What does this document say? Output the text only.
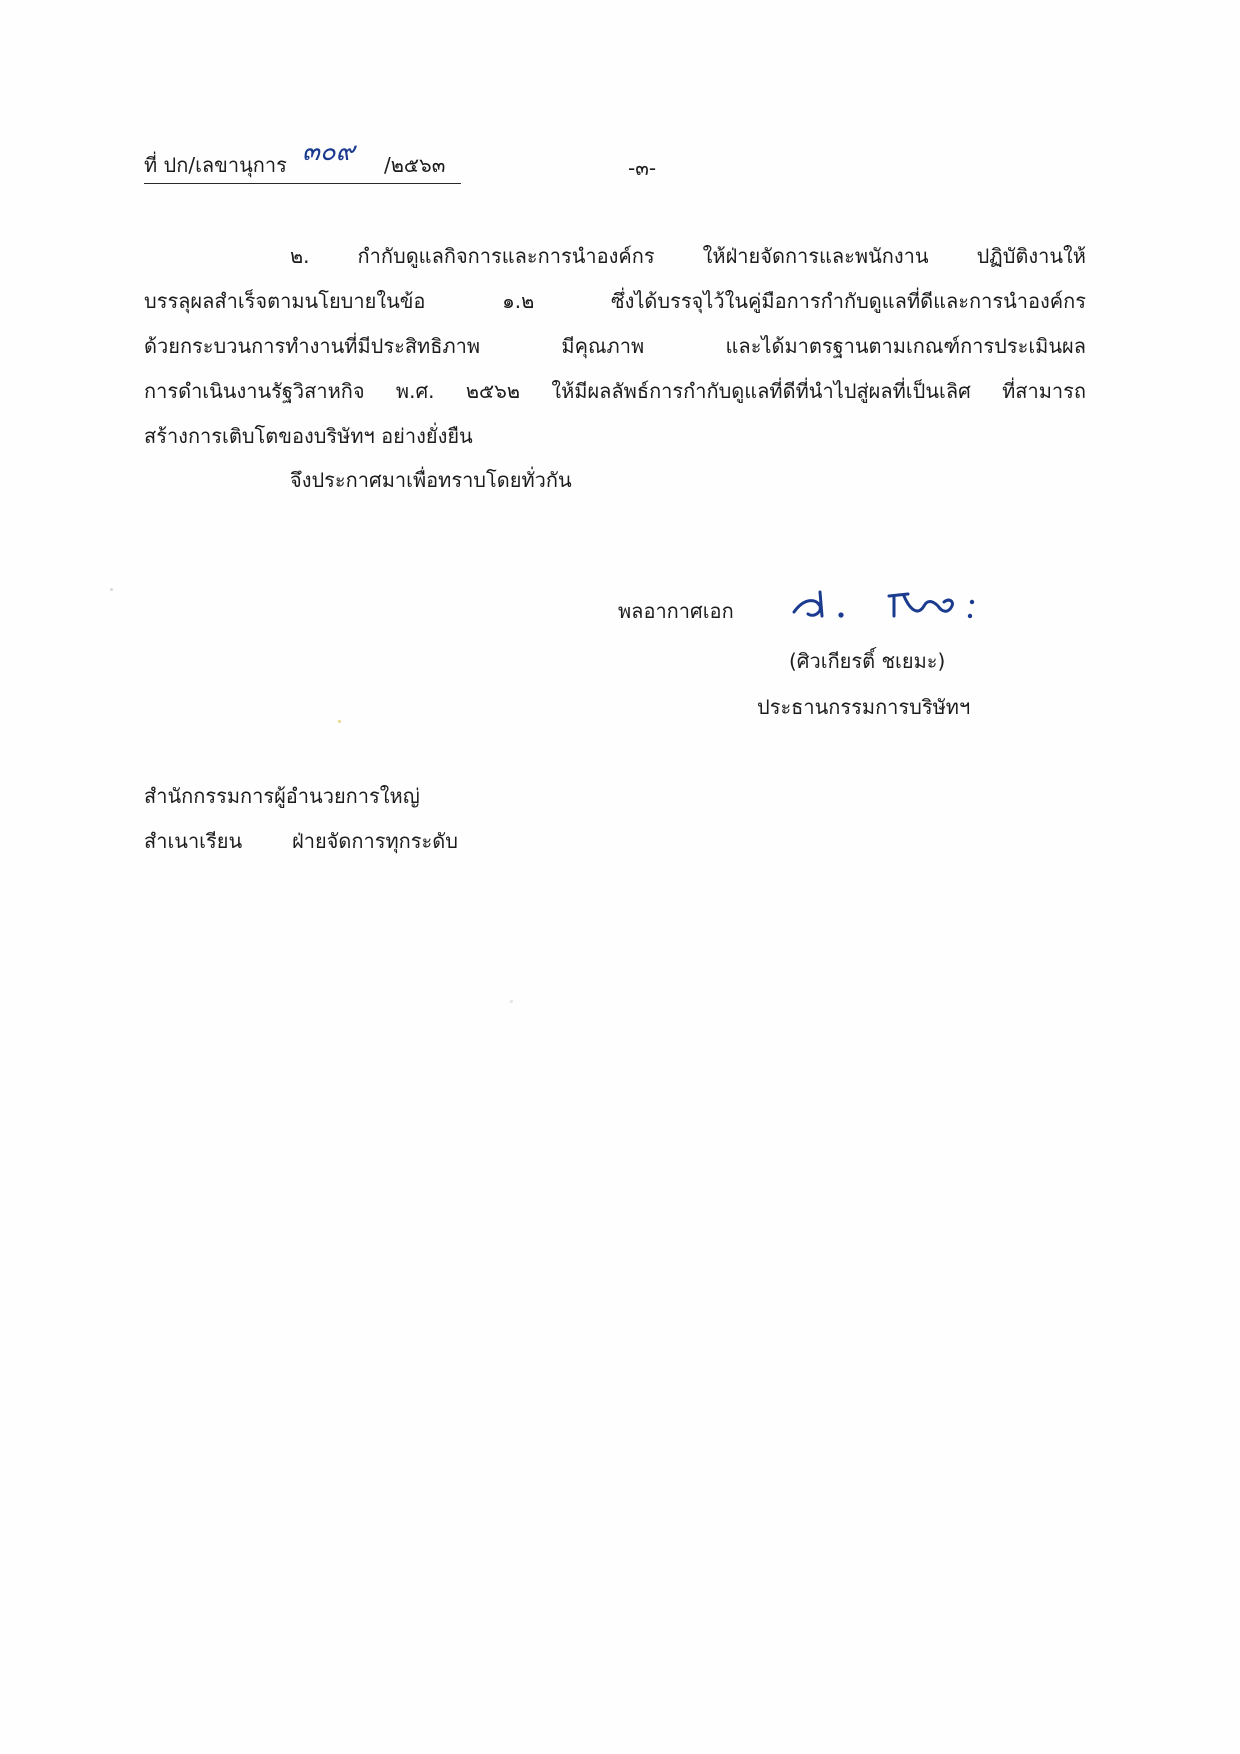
ที่ ปก/เลขานุการ ๓๐๙ /๒๕๖๓	-๓-
๒. กำกับดูแลกิจการและการนำองค์กร ให้ฝ่ายจัดการและพนักงาน ปฏิบัติงานให้
บรรลุผลสำเร็จตามนโยบายในข้อ ๑.๒ ซึ่งได้บรรจุไว้ในคู่มือการกำกับดูแลที่ดีและการนำองค์กร
ด้วยกระบวนการทำงานที่มีประสิทธิภาพ มีคุณภาพ และได้มาตรฐานตามเกณฑ์การประเมินผล
การดำเนินงานรัฐวิสาหกิจ พ.ศ. ๒๕๖๒ ให้มีผลลัพธ์การกำกับดูแลที่ดีที่นำไปสู่ผลที่เป็นเลิศ ที่สามารถ
สร้างการเติบโตของบริษัทฯ อย่างยั่งยืน
จึงประกาศมาเพื่อทราบโดยทั่วกัน
พลอากาศเอก
(ศิวเกียรติ์ ชเยมะ)
ประธานกรรมการบริษัทฯ
สำนักกรรมการผู้อำนวยการใหญ่
สำเนาเรียน ฝ่ายจัดการทุกระดับ
